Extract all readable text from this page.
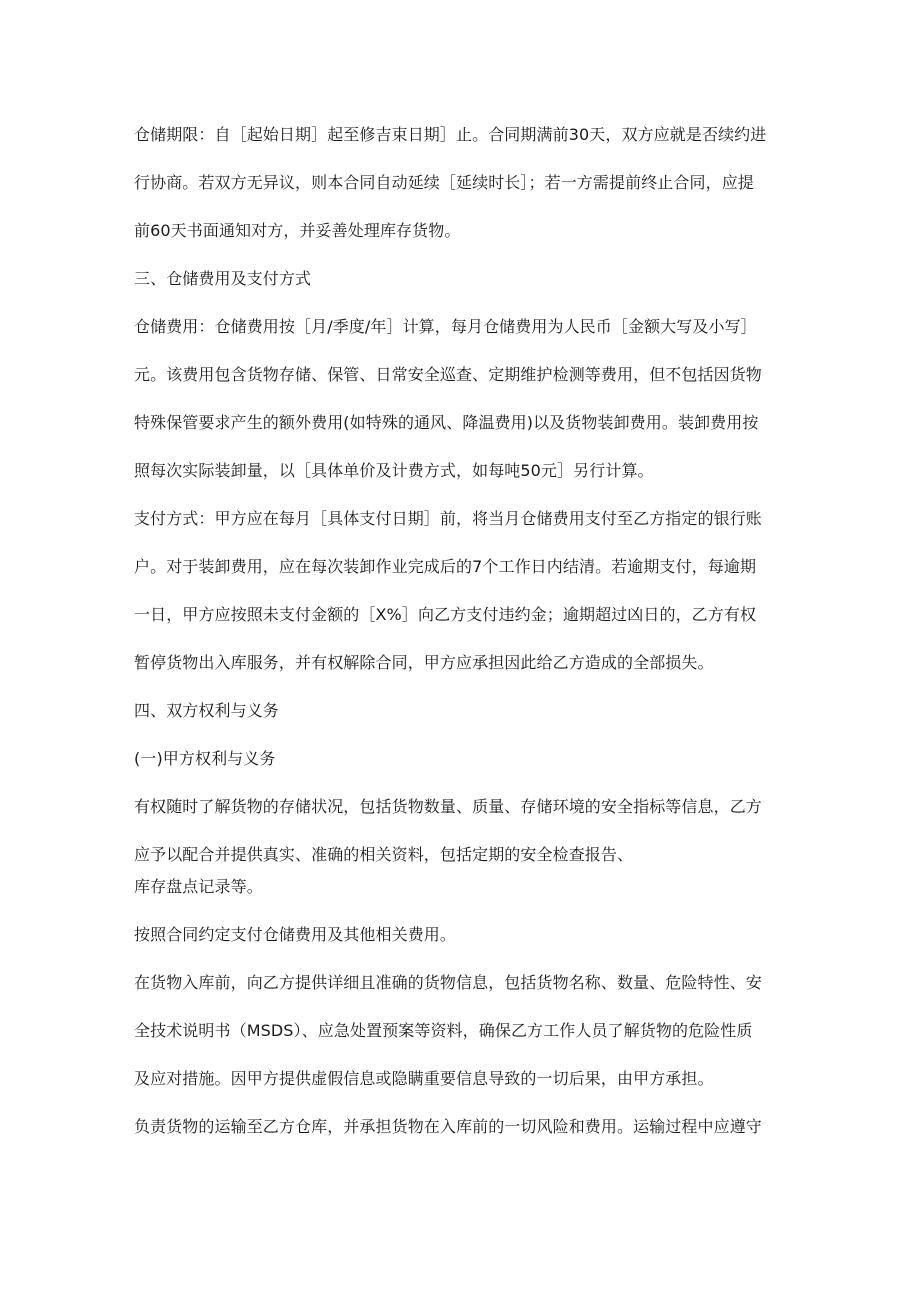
仓储期限：自［起始日期］起至修吉束日期］止。合同期满前30天，双方应就是否续约进
行协商。若双方无异议，则本合同自动延续［延续时长］；若一方需提前终止合同，应提
前60天书面通知对方，并妥善处理库存货物。
三、仓储费用及支付方式
仓储费用：仓储费用按［月/季度/年］计算，每月仓储费用为人民币［金额大写及小写］
元。该费用包含货物存储、保管、日常安全巡查、定期维护检测等费用，但不包括因货物
特殊保管要求产生的额外费用(如特殊的通风、降温费用)以及货物装卸费用。装卸费用按
照每次实际装卸量，以［具体单价及计费方式，如每吨50元］另行计算。
支付方式：甲方应在每月［具体支付日期］前，将当月仓储费用支付至乙方指定的银行账
户。对于装卸费用，应在每次装卸作业完成后的7个工作日内结清。若逾期支付，每逾期
一日，甲方应按照未支付金额的［X%］向乙方支付违约金；逾期超过凶日的，乙方有权
暂停货物出入库服务，并有权解除合同，甲方应承担因此给乙方造成的全部损失。
四、双方权利与义务
(一)甲方权利与义务
有权随时了解货物的存储状况，包括货物数量、质量、存储环境的安全指标等信息，乙方
应予以配合并提供真实、准确的相关资料，包括定期的安全检查报告、
库存盘点记录等。
按照合同约定支付仓储费用及其他相关费用。
在货物入库前，向乙方提供详细且准确的货物信息，包括货物名称、数量、危险特性、安
全技术说明书（MSDS）、应急处置预案等资料，确保乙方工作人员了解货物的危险性质
及应对措施。因甲方提供虚假信息或隐瞒重要信息导致的一切后果，由甲方承担。
负责货物的运输至乙方仓库，并承担货物在入库前的一切风险和费用。运输过程中应遵守
